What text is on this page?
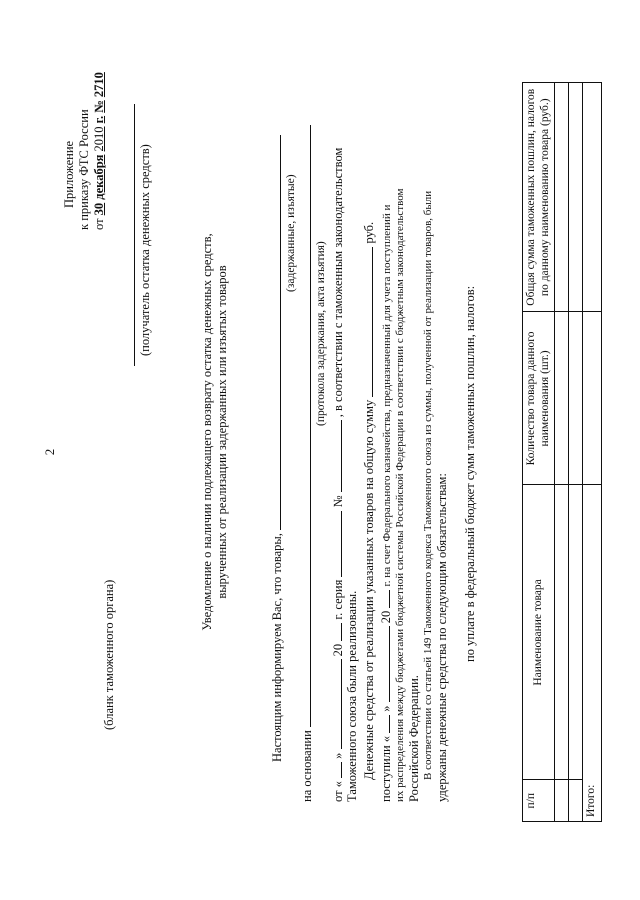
2
Приложение к приказу ФТС России от 30 декабря 2010 г. № 2710
(бланк таможенного органа)
(получатель остатка денежных средств)	Уведомление о наличии подлежащего возврату остатка денежных средств, вырученных от реализации задержанных или изъятых товаров
Настоящим информируем Вас, что товары,
(задержанные, изъятые)
на основании
(протокола задержания, акта изъятия)
от «  »  20  г. серия  №  , в соответствии с таможенным законодательством
Таможенного союза были реализованы. Денежные средства от реализации указанных товаров на общую сумму  руб.
поступили «  »  20  г. на счет Федерального казначейства, предназначенный для учета поступлений и их распределения между бюджетами бюджетной системы Российской Федерации в соответствии с бюджетным законодательством Российской Федерации. В соответствии со статьей 149 Таможенного кодекса Таможенного союза из суммы, полученной от реализации товаров, были удержаны денежные средства по следующим обязательствам: по уплате в федеральный бюджет сумм таможенных пошлин, налогов:
п/п	Наименование товара	Количество товара данного наименования (шт.)	Общая сумма таможенных пошлин, налогов по данному наименованию товара (руб.)

Итого:			
